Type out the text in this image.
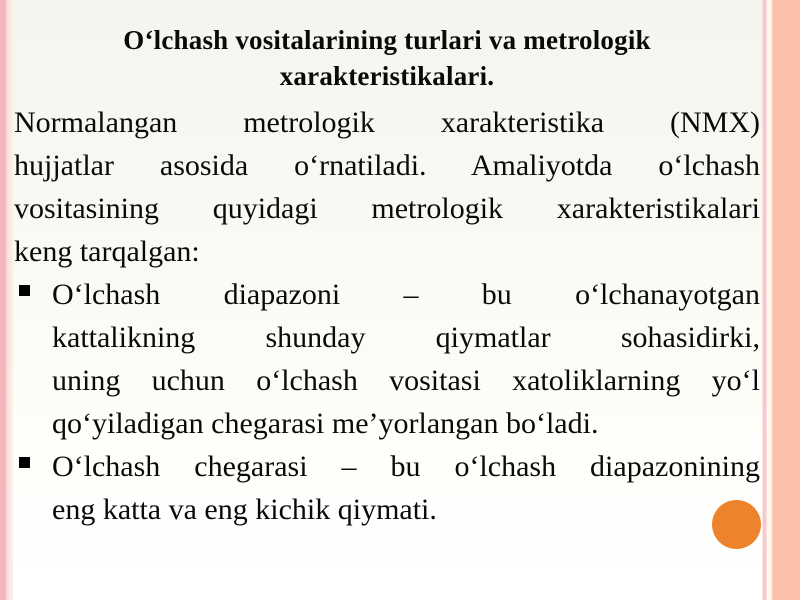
O‘lchash vositalarining turlari va metrologik
xarakteristikalari.
Normalangan metrologik xarakteristika (NMX)
hujjatlar asosida o‘rnatiladi. Amaliyotda o‘lchash
vositasining quyidagi metrologik xarakteristikalari
keng tarqalgan:
O‘lchash diapazoni – bu o‘lchanayotgan
kattalikning shunday qiymatlar sohasidirki,
uning uchun o‘lchash vositasi xatoliklarning yo‘l
qo‘yiladigan chegarasi me’yorlangan bo‘ladi.
O‘lchash chegarasi – bu o‘lchash diapazonining
eng katta va eng kichik qiymati.
